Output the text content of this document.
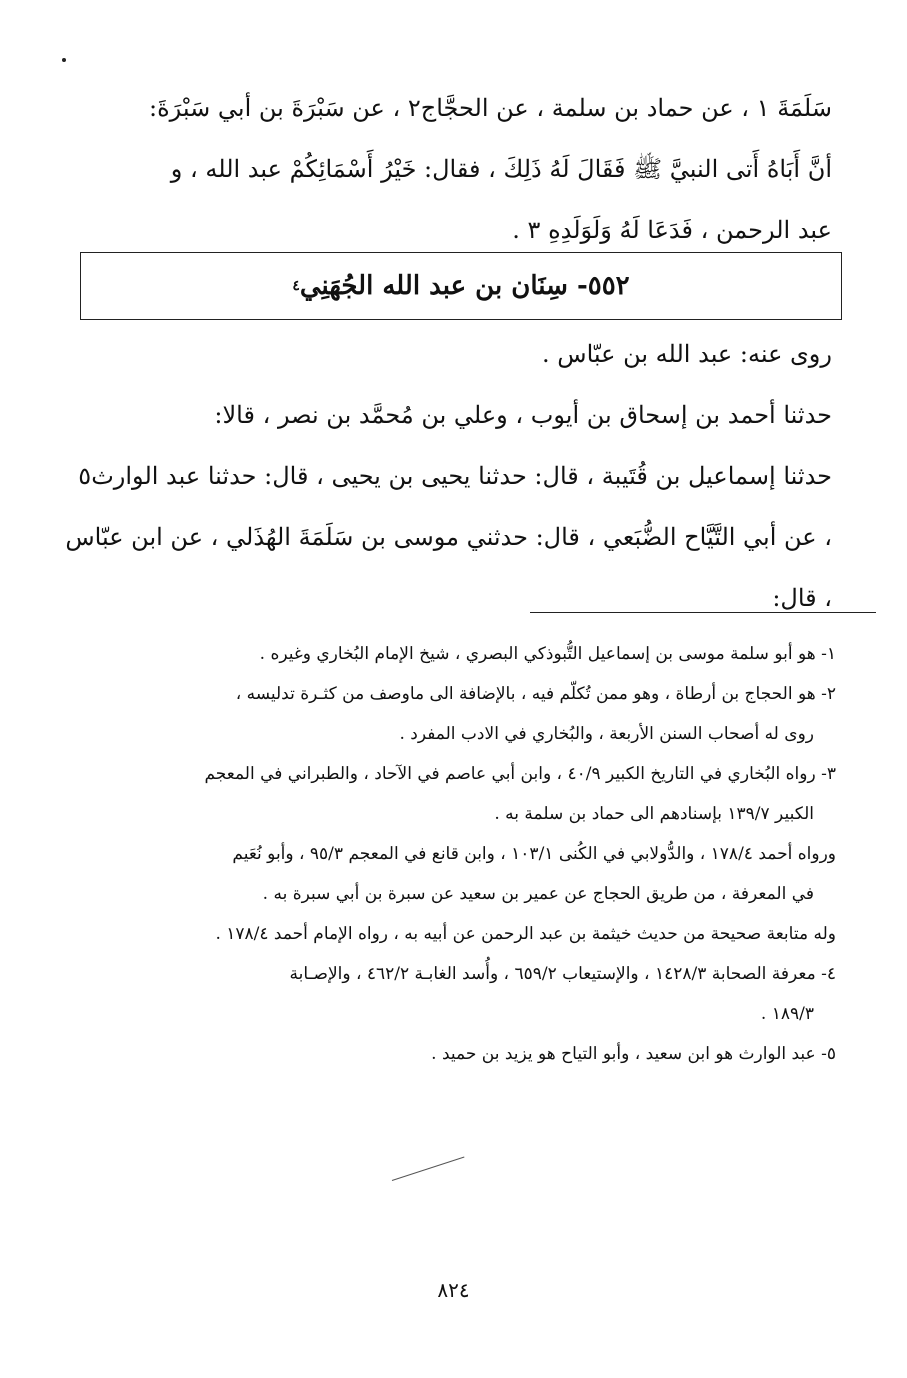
سَلَمَةَ ١ ، عن حماد بن سلمة ، عن الحجَّاج٢ ، عن سَبْرَةَ بن أبي سَبْرَةَ:
أنَّ أَبَاهُ أَتى النبيَّ ﷺ فَقَالَ لَهُ ذَلِكَ ، فقال: خَيْرُ أَسْمَائِكُمْ عبد الله ، و
عبد الرحمن ، فَدَعَا لَهُ وَلَوَلَدِهِ ٣ .
٥٥٢- سِنَان بن عبد الله الجُهَنِي
٤
روى عنه: عبد الله بن عبّاس .
حدثنا أحمد بن إسحاق بن أيوب ، وعلي بن مُحمَّد بن نصر ، قالا:
حدثنا إسماعيل بن قُتَيبة ، قال: حدثنا يحيى بن يحيى ، قال: حدثنا عبد الوارث٥
، عن أبي التَّيَّاح الضُّبَعي ، قال: حدثني موسى بن سَلَمَةَ الهُذَلي ، عن ابن عبّاس
، قال:
١- هو أبو سلمة موسى بن إسماعيل التُّبوذكي البصري ، شيخ الإمام البُخاري وغيره .
٢- هو الحجاج بن أرطاة ، وهو ممن تُكلّم فيه ، بالإضافة الى ماوصف من كثـرة تدليسه ،
روى له أصحاب السنن الأربعة ، والبُخاري في الادب المفرد .
٣- رواه البُخاري في التاريخ الكبير ٤٠/٩ ، وابن أبي عاصم في الآحاد ، والطبراني في المعجم
الكبير ١٣٩/٧ بإسنادهم الى حماد بن سلمة به .
ورواه أحمد ١٧٨/٤ ، والدُّولابي في الكُنى ١٠٣/١ ، وابن قانع في المعجم ٩٥/٣ ، وأبو نُعَيم
في المعرفة ، من طريق الحجاج عن عمير بن سعيد عن سبرة بن أبي سبرة به .
وله متابعة صحيحة من حديث خيثمة بن عبد الرحمن عن أبيه به ، رواه الإمام أحمد ١٧٨/٤ .
٤- معرفة الصحابة ١٤٢٨/٣ ، والإستيعاب ٦٥٩/٢ ، وأُسد الغابـة ٤٦٢/٢ ، والإصـابة
١٨٩/٣ .
٥- عبد الوارث هو ابن سعيد ، وأبو التياح هو يزيد بن حميد .
٨٢٤
